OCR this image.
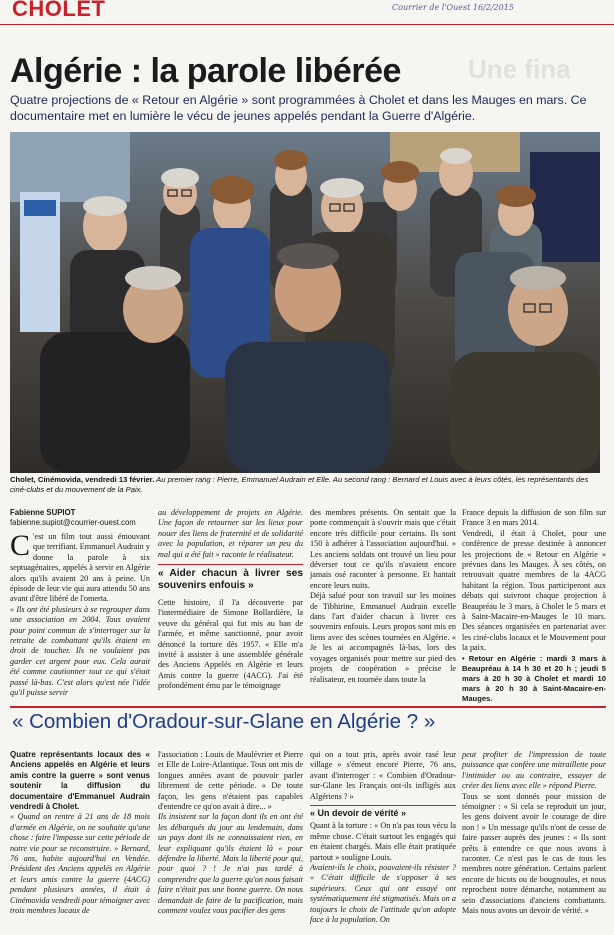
CHOLET	Courrier de l'Ouest 16/2/2015
Une fina
Algérie : la parole libérée
Quatre projections de « Retour en Algérie » sont programmées à Cholet et dans les Mauges en mars. Ce documentaire met en lumière le vécu de jeunes appelés pendant la Guerre d'Algérie.
Cholet, Cinémovida, vendredi 13 février. Au premier rang : Pierre, Emmanuel Audrain et Elle. Au second rang : Bernard et Louis avec à leurs côtés, les représentants des ciné-clubs et du mouvement de la Paix.
Fabienne SUPIOT
fabienne.supiot@courrier-ouest.com
C 'est un film tout aussi émouvant que terrifiant. Emmanuel Audrain y donne la parole à six septuagénaires, appelés à servir en Algérie alors qu'ils avaient 20 ans à peine. Un épisode de leur vie qui aura attendu 50 ans avant d'être libéré de l'omerta.

« Ils ont été plusieurs à se regrouper dans une association en 2004. Tous avaient pour point commun de s'interroger sur la retraite de combattant qu'ils étaient en droit de toucher. Ils ne voulaient pas garder cet argent pour eux. Cela aurait été comme cautionner tout ce qui s'était passé là-bas. C'est alors qu'est née l'idée qu'il puisse servir

au développement de projets en Algérie. Une façon de retourner sur les lieux pour nouer des liens de fraternité et de solidarité avec la population, et réparer un peu du mal qui a été fait » raconte le réalisateur.

« Aider chacun à livrer ses souvenirs enfouis »

Cette histoire, il l'a découverte par l'intermédiaire de Simone Bollardière, la veuve du général qui fut mis au ban de l'armée, et même sanctionné, pour avoir dénoncé la torture dès 1957. « Elle m'a invité à assister à une assemblée générale des Anciens Appelés en Algérie et leurs Amis contre la guerre (4ACG). J'ai été profondément ému par le témoignage

des membres présents. On sentait que la porte commençait à s'ouvrir mais que c'était encore très difficile pour certains. Ils sont 150 à adhérer à l'association aujourd'hui. » Les anciens soldats ont trouvé un lieu pour déverser tout ce qu'ils n'avaient encore jamais osé raconter à personne. Et hantait encore leurs nuits.

Déjà salué pour son travail sur les moines de Tibhirine, Emmanuel Audrain excelle dans l'art d'aider chacun à livrer ces souvenirs enfouis. Leurs propos sont mis en liens avec des scènes tournées en Algérie. « Je les ai accompagnés là-bas, lors des voyages organisés pour mettre sur pied des projets de coopération » précise le réalisateur, en tournée dans toute la

France depuis la diffusion de son film sur France 3 en mars 2014.

Vendredi, il était à Cholet, pour une conférence de presse destinée à annoncer les projections de « Retour en Algérie » prévues dans les Mauges. À ses côtés, on retrouvait quatre membres de la 4ACG habitant la région. Tous participeront aux débats qui suivront chaque projection à Beaupréau le 3 mars, à Cholet le 5 mars et à Saint-Macaire-en-Mauges le 10 mars. Des séances organisées en partenariat avec les ciné-clubs locaux et le Mouvement pour la paix.

• Retour en Algérie : mardi 3 mars à Beaupréau à 14 h 30 et 20 h ; jeudi 5 mars à 20 h 30 à Cholet et mardi 10 mars à 20 h 30 à Saint-Macaire-en-Mauges.

« Combien d'Oradour-sur-Glane en Algérie ? »

Quatre représentants locaux des « Anciens appelés en Algérie et leurs amis contre la guerre » sont venus soutenir la diffusion du documentaire d'Emmanuel Audrain vendredi à Cholet.

« Quand on rentre à 21 ans de 18 mois d'armée en Algérie, on ne souhaite qu'une chose : faire l'impasse sur cette période de notre vie pour se reconstruire. » Bernard, 76 ans, habite aujourd'hui en Vendée. Président des Anciens appelés en Algérie et leurs amis contre la guerre (4ACG) pendant plusieurs années, il était à Cinémovida vendredi pour témoigner avec trois membres locaux de

l'association : Louis de Maulévrier et Pierre et Elle de Loire-Atlantique. Tous ont mis de longues années avant de pouvoir parler librement de cette période. « De toute façon, les gens n'étaient pas capables d'entendre ce qu'on avait à dire... »

Ils insistent sur la façon dont ils en ont été les débarqués du jour au lendemain, dans un pays dont ils ne connaissaient rien, en leur expliquant qu'ils étaient là « pour défendre la liberté. Mais la liberté pour qui, pour quoi ? ! Je n'ai pas tardé à comprendre que la guerre qu'on nous faisait faire n'était pas une bonne guerre. On nous demandait de faire de la pacification, mais comment voulez vous pacifier des gens

qui on a tout pris, après avoir rasé leur village » s'émeut encore Pierre, 76 ans, avant d'interroger : « Combien d'Oradour-sur-Glane les Français ont-ils infligés aux Algériens ? »

« Un devoir de vérité »

Quant à la torture : « On n'a pas tous vécu la même chose. C'était surtout les engagés qui en étaient chargés. Mais elle était pratiquée partout » souligne Louis.

Avaient-ils le choix, pouvaient-ils résister ? « C'était difficile de s'opposer à ses supérieurs. Ceux qui ont essayé ont systématiquement été stigmatisés. Mais on a toujours le choix de l'attitude qu'on adopte face à la population. On

peut profiter de l'impression de toute puissance que confère une mitraillette pour l'intimider ou au contraire, essayer de créer des liens avec elle » répond Pierre.

Tous se sont donnés pour mission de témoigner : « Si cela se reproduit un jour, les gens doivent avoir le courage de dire non ! » Un message qu'ils n'ont de cesse de faire passer auprès des jeunes : « Ils sont prêts à entendre ce que nous avons à raconter. Ce n'est pas le cas de tous les membres notre génération. Certains parlent encore de bicots ou de bougnoules, et nous reprochent notre démarche, notamment au sein d'associations d'anciens combattants. Mais nous avons un devoir de vérité. »
